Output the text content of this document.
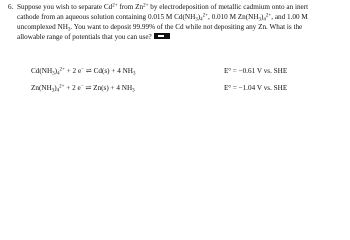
6. Suppose you wish to separate $Cd^{2+}$ from $Zn^{2+}$ by electrodeposition of metallic cadmium onto an inert
cathode from an aqueous solution containing 0.015 M $Cd(NH_3)_4^{2+}$, 0.010 M $Zn(NH_3)_4^{2+}$, and 1.00 M
uncomplexed $NH_3$. You want to deposit 99.99% of the Cd while not depositing any Zn. What is the
allowable range of potentials that you can use?
$Cd(NH_3)_4^{2+} + 2$ e− ⇌ Cd(s) + 4 $NH_3$	$E^o = -0.61$ V vs. SHE
$Zn(NH_3)_4^{2+} + 2$ e− ⇌ Zn(s) + 4 $NH_3$	$E^o = -1.04$ V vs. SHE
